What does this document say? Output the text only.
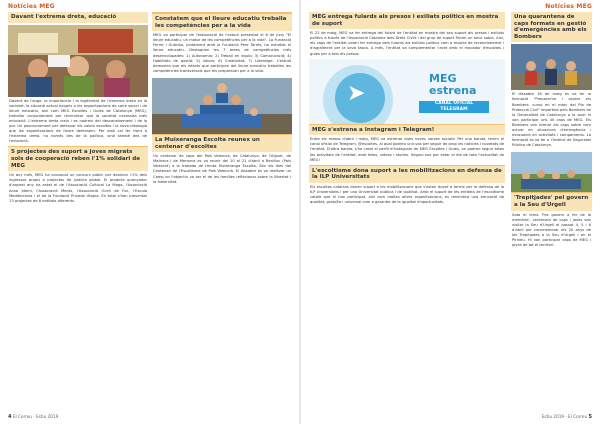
Notícies MEG
Davant l'extrema dreta, educació
Davant de l'auge, la importància i la legitimitat de l'extrema dreta en la societat, la situació actual exigeix a les organitzacions de caire social i de lleure educatiu, així com MEG Escoltes i Guies de Catalunya (MEG), treballar conjuntament per reivindicar que la societat necessita més educació. L'extrema dreta creix i es nodreix del desconeixement i de la por. Un posicionament per defensar els valors escoltes i la nova ideologia que les organitzacions de lleure defensem. Per això cal fer front a l'extrema dreta, no només des de la política, sinó també des de l'educació.
5 projectes des suport a joves migrats sols de cooperació reben l'1% solidari de MEG
Un any més, MEG ha convocat un concurs públic per destinar l'1% dels ingressos propis a projectes de justícia global. El projecte guanyador d'aquest any ha estat el de l'Associació Cultural La Maga, l'Associació Ansa Idemi, l'Associació Ments, l'Associació Ocell de Foc, l'Escola Mediterrània i el de la Fundació Privada Utopia. En total s'han presentat 13 projectes de 8 entitats diferents.
Constatem que el lleure educatiu treballa les competències per a la vida
MEG va participar de l'elaboració de l'estudi presentat el 6 de juny "El lleure educatiu, un motor de les competències per a la vida". La Fundació Ferrer i Guàrdia, juntament amb la Fundació Pere Tarrés, ha estudiat el lleure educatiu. Destaquen les 7 àrees de competències més desenvolupades: 1) Autonomia; 2) Treball en equip; 3) Comunicació; 4) Habilitats de gestió; 5) Valors; 6) Creativitat; 7) Lideratge. L'estudi demostra que els infants que participen del lleure educatiu treballen les competències transversals que els prepararan per a la vida.
La Muixeranga Escolta reunex un centenar d'escoltes
Un centenar de caps del País Valencià, de Catalunya, de l'Alguer, de Mallorca i de Menorca es va reunir del 10 al 21 d'abril a Benilloc (País Valencià) a la trobada de trenta Muixeranga Escolta. Són els dies del Centenari de l'Escoltisme de País Valencià. El dissabte es va realitzar un Camp on l'objectiu va ser el de les famílies reflexionar sobre la llibertat i la fraternitat.
4 El Correu · Estiu 2019
Notícies MEG
MEG entrega fulards als presos i exiliats polítics en mostra de suport
El 22 de maig, MEG va fer entrega del fulard de l'entitat en mostra del seu suport als presos i exiliats polítics a través de l'Associació Catalana dels Drets Civils i del grup de suport Tenim un amic sabia. Així, els caps de l'entitat varen fer entrega dels fulards als exiliats polítics com a mostra de reconeixement i d'agraïment per la seva tasca. A més, l'entitat va complementar l'acte amb el mocador d'escoltes i guies per a tots els presos.
➤
MEG
estrena
CANAL OFICIAL
TELEGRAM
MEG s'estrena a Instagram i Telegram!
Entre els mesos d'abril i maig, MEG va estrenar dues noves xarxes socials! Per una banda, tenim el canal oficial de Telegram, @escoltes, al qual podreu unir-vos per seguir de prop les notícies i novetats de l'entitat. D'altra banda, s'ha creat el perfil d'Instagram de MEG Escoltes i Guies, on podreu seguir totes les activitats de l'entitat, amb fotos, vídeos i stories. Seguiu-nos per estar al dia de tota l'actualitat de MEG!
L'escoltisme dona suport a les mobilitzacions en defensa de la ILP Universitats
Els escoltes catalans donen suport a les mobilitzacions que s'estan duent a terme per la defensa de la ILP Universitats i per una Universitat pública i de qualitat. Amb el suport de les entitats de l'escoltisme català que hi han participat, així com moltes altres organitzacions, es reivindica una educació de qualitat, gratuïta i universal com a garantia de la igualtat d'oportunitats.
Una quarantena de caps formats en gestió d'emergències amb els Bombers
El dissabte 18 de maig es va fer la formació "Preparar'se i ajudar els Bombers: curso en el marc del Pla de Protecció Civil" impartida pels Bombers de la Generalitat de Catalunya a la qual hi van participar uns 40 caps de MEG. Els Bombers van formar els caps sobre com actuar en situacions d'emergència i evacuació en activitats i campaments. La formació es va fer a l'Institut de Seguretat Pública de Catalunya.
'Trepitjades' pel govern a la Seu d'Urgell
Sota el lema 'Fes govern a fer de la memòria', centenars de caps i joves van visitar la Seu d'Urgell el passat 4, 5 i 6 d'abril per commemorar els 20 anys de les Trepitjades a la Seu d'Urgell i en el Pirineu. Hi van participar caps de MEG i joves de tot el territori.
Estiu 2019 · El Correu 5
